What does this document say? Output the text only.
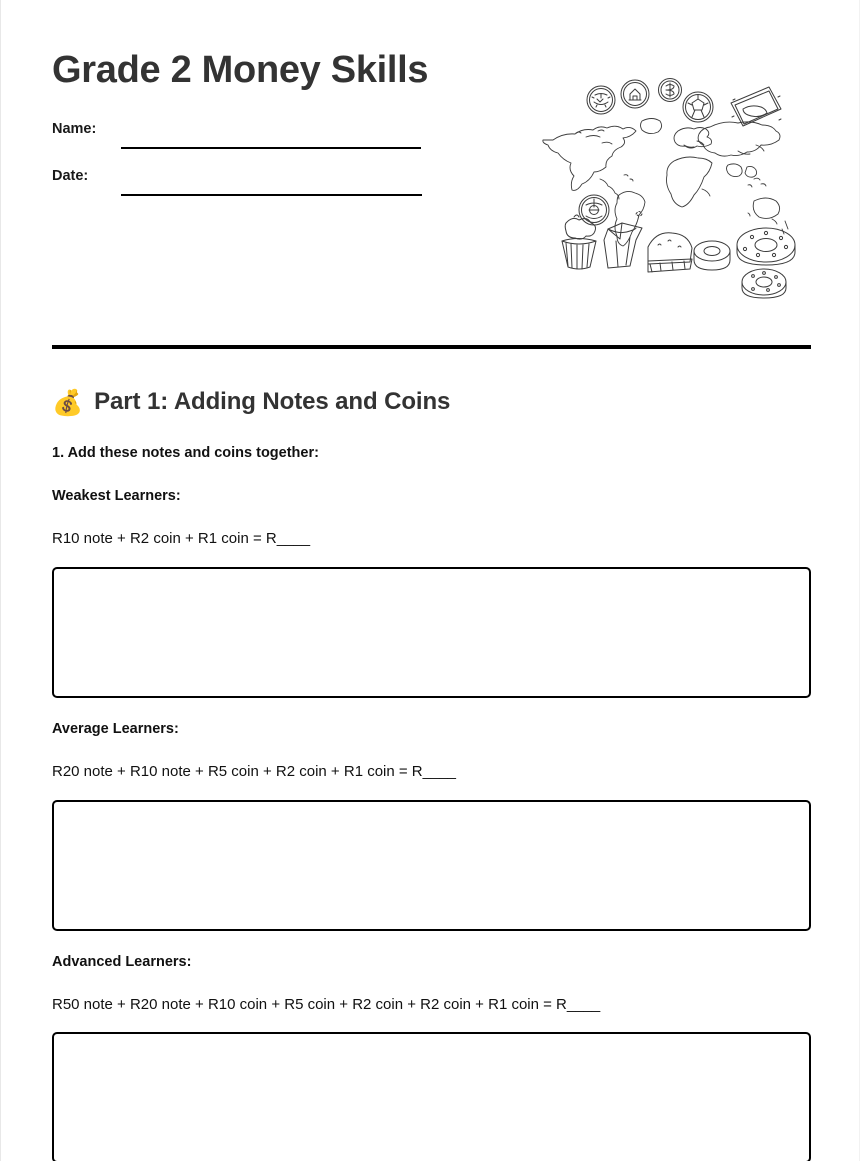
Grade 2 Money Skills
Name:
Date:
💰 Part 1: Adding Notes and Coins
1. Add these notes and coins together:
Weakest Learners:
R10 note + R2 coin + R1 coin = R____
Average Learners:
R20 note + R10 note + R5 coin + R2 coin + R1 coin = R____
Advanced Learners:
R50 note + R20 note + R10 coin + R5 coin + R2 coin + R2 coin + R1 coin = R____
